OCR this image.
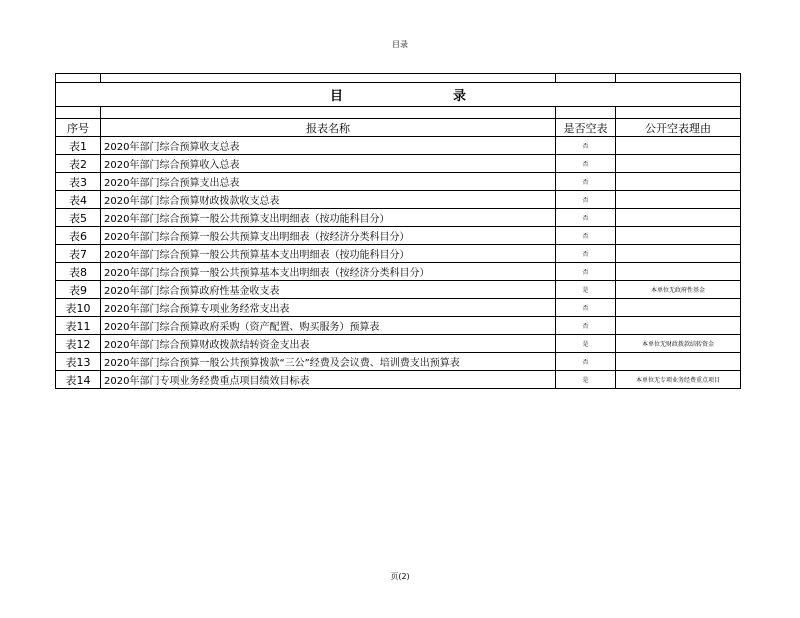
目录

目 录			

序号	报表名称	是否空表	公开空表理由
表1	2020年部门综合预算收支总表	否	
表2	2020年部门综合预算收入总表	否	
表3	2020年部门综合预算支出总表	否	
表4	2020年部门综合预算财政拨款收支总表	否	
表5	2020年部门综合预算一般公共预算支出明细表（按功能科目分）	否	
表6	2020年部门综合预算一般公共预算支出明细表（按经济分类科目分）	否	
表7	2020年部门综合预算一般公共预算基本支出明细表（按功能科目分）	否	
表8	2020年部门综合预算一般公共预算基本支出明细表（按经济分类科目分）	否	
表9	2020年部门综合预算政府性基金收支表	是	本单位无政府性基金
表10	2020年部门综合预算专项业务经常支出表	否	
表11	2020年部门综合预算政府采购（资产配置、购买服务）预算表	否	
表12	2020年部门综合预算财政拨款结转资金支出表	是	本单位无财政拨款结转资金
表13	2020年部门综合预算一般公共预算拨款“三公”经费及会议费、培训费支出预算表	否	
表14	2020年部门专项业务经费重点项目绩效目标表	是	本单位无专项业务经费重点项目
页(2)
